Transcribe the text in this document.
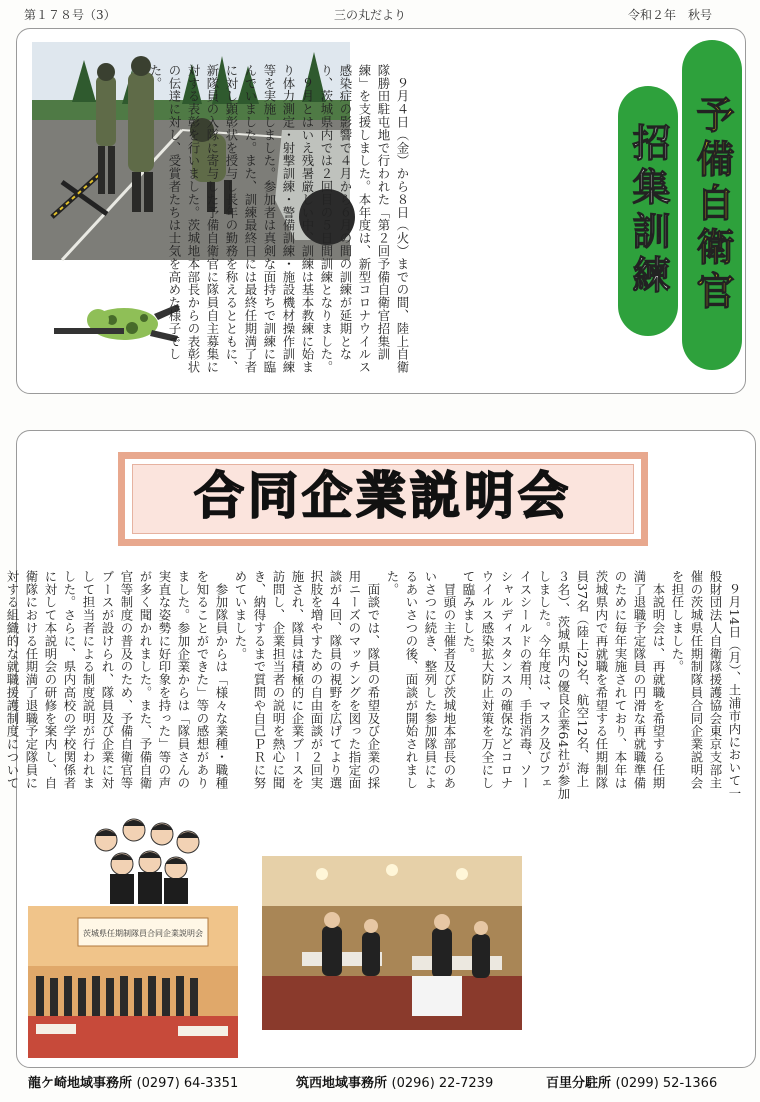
第１７８号（3）	三の丸だより	令和２年　秋号
　９月４日（金）から８日（火）までの間、陸上自衛隊勝田駐屯地で行われた「第２回予備自衛官招集訓練」を支援しました。本年度は、新型コロナウイルス感染症の影響で４月から６月の間の訓練が延期となり、茨城県内では２回目の５日間訓練となりました。
　９月とはいえ残暑厳しい中、訓練は基本教練に始まり体力測定・射撃訓練・警備訓練・施設機材操作訓練等を実施しました。参加者は真剣な面持ちで訓練に臨んでいました。また、訓練最終日には最終任期満了者に対し顕彰状を授与し長年の勤務を称えるとともに、新隊員の入隊に寄与した予備自衛官に隊員自主募集に対する表彰を行いました。茨城地本部長からの表彰状の伝達に対し、受賞者たちは士気を高めた様子でした。
予備自衛官
招集訓練
合同企業説明会
　９月14日（月）、土浦市内において一般財団法人自衛隊援護協会東京支部主催の茨城県任期制隊員合同企業説明会を担任しました。
　本説明会は、再就職を希望する任期満了退職予定隊員の円滑な再就職準備のために毎年実施されており、本年は茨城県内で再就職を希望する任期制隊員37名（陸上22名、航空12名、海上３名）、茨城県内の優良企業64社が参加しました。今年度は、マスク及びフェイスシールドの着用、手指消毒、ソーシャルディスタンスの確保などコロナウイルス感染拡大防止対策を万全にして臨みました。
　冒頭の主催者及び茨城地本部長のあいさつに続き、整列した参加隊員によるあいさつの後、面談が開始されました。
　面談では、隊員の希望及び企業の採用ニーズのマッチングを図った指定面談が４回、隊員の視野を広げてより選択肢を増やすための自由面談が２回実施され、隊員は積極的に企業ブースを訪問し、企業担当者の説明を熱心に聞き、納得するまで質問や自己ＰＲに努めていました。
　参加隊員からは「様々な業種・職種を知ることができた」等の感想がありました。参加企業からは「隊員さんの実直な姿勢に好印象を持った」等の声が多く聞かれました。また、予備自衛官等制度の普及のため、予備自衛官等ブースが設けられ、隊員及び企業に対して担当者による制度説明が行われました。さらに、県内高校の学校関係者に対して本説明会の研修を案内し、自衛隊における任期満了退職予定隊員に対する組織的な就職援護制度について

茨城県任期制隊員合同企業説明会
龍ケ崎地域事務所 (0297) 64-3351	筑西地域事務所 (0296) 22-7239	百里分駐所 (0299) 52-1366
